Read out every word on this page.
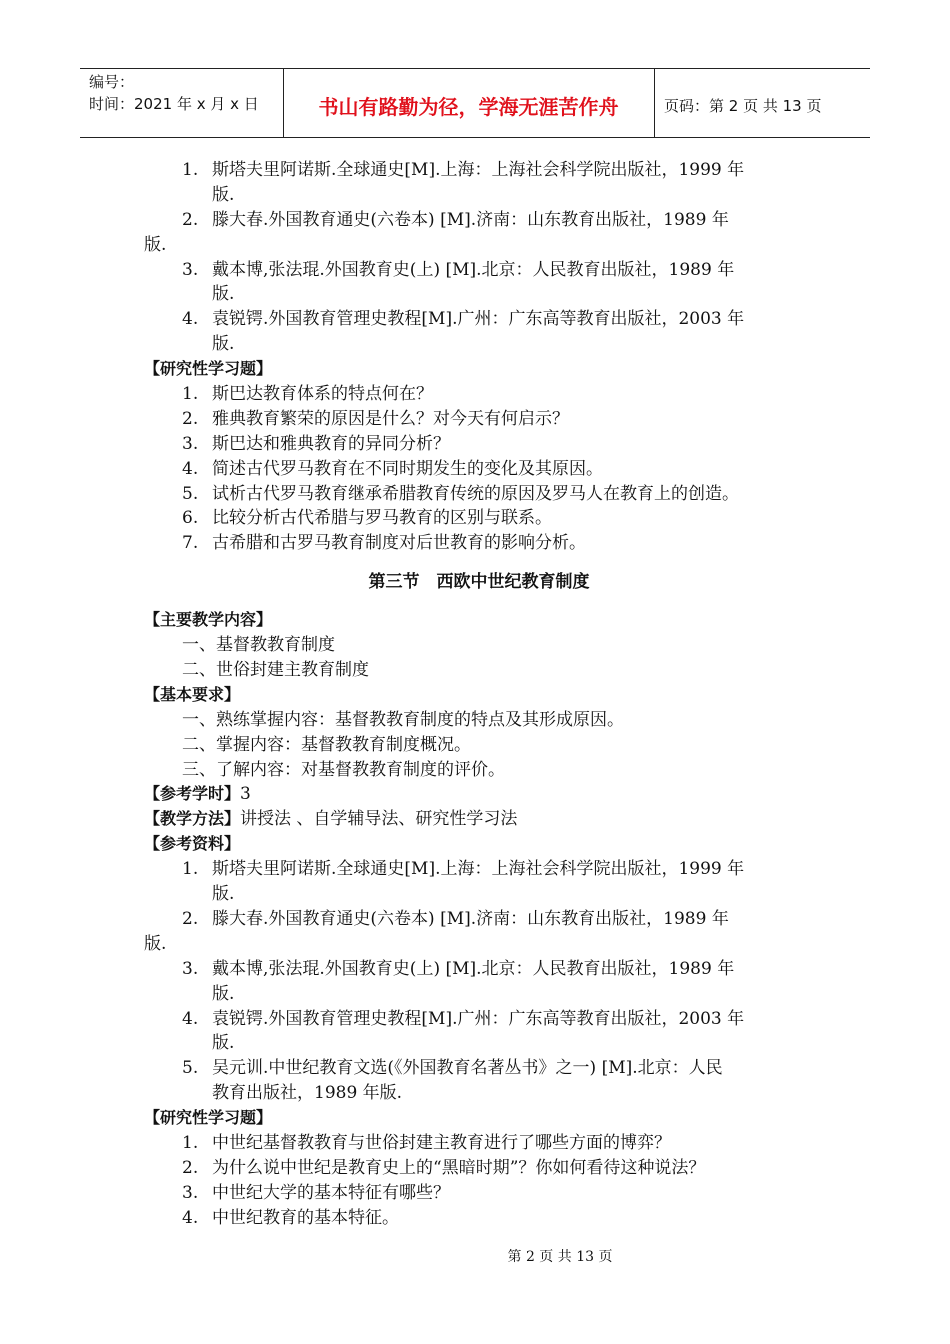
编号：
时间：2021 年 x 月 x 日	书山有路勤为径，学海无涯苦作舟	页码：第 2 页 共 13 页
1. 斯塔夫里阿诺斯.全球通史[M].上海：上海社会科学院出版社，1999 年
版.
2. 滕大春.外国教育通史(六卷本) [M].济南：山东教育出版社，1989 年
版.
3. 戴本博,张法琨.外国教育史(上) [M].北京：人民教育出版社，1989 年
版.
4. 袁锐锷.外国教育管理史教程[M].广州：广东高等教育出版社，2003 年
版.
【研究性学习题】
1. 斯巴达教育体系的特点何在？
2. 雅典教育繁荣的原因是什么？对今天有何启示？
3. 斯巴达和雅典教育的异同分析？
4. 简述古代罗马教育在不同时期发生的变化及其原因。
5. 试析古代罗马教育继承希腊教育传统的原因及罗马人在教育上的创造。
6. 比较分析古代希腊与罗马教育的区别与联系。
7. 古希腊和古罗马教育制度对后世教育的影响分析。
第三节　西欧中世纪教育制度
【主要教学内容】
一、基督教教育制度
二、世俗封建主教育制度
【基本要求】
一、熟练掌握内容：基督教教育制度的特点及其形成原因。
二、掌握内容：基督教教育制度概况。
三、了解内容：对基督教教育制度的评价。
【参考学时】3
【教学方法】讲授法 、自学辅导法、研究性学习法
【参考资料】
1. 斯塔夫里阿诺斯.全球通史[M].上海：上海社会科学院出版社，1999 年
版.
2. 滕大春.外国教育通史(六卷本) [M].济南：山东教育出版社，1989 年
版.
3. 戴本博,张法琨.外国教育史(上) [M].北京：人民教育出版社，1989 年
版.
4. 袁锐锷.外国教育管理史教程[M].广州：广东高等教育出版社，2003 年
版.
5. 吴元训.中世纪教育文选(《外国教育名著丛书》之一) [M].北京：人民
教育出版社，1989 年版.
【研究性学习题】
1. 中世纪基督教教育与世俗封建主教育进行了哪些方面的博弈？
2. 为什么说中世纪是教育史上的“黑暗时期”？你如何看待这种说法？
3. 中世纪大学的基本特征有哪些？
4. 中世纪教育的基本特征。
第 2 页 共 13 页
